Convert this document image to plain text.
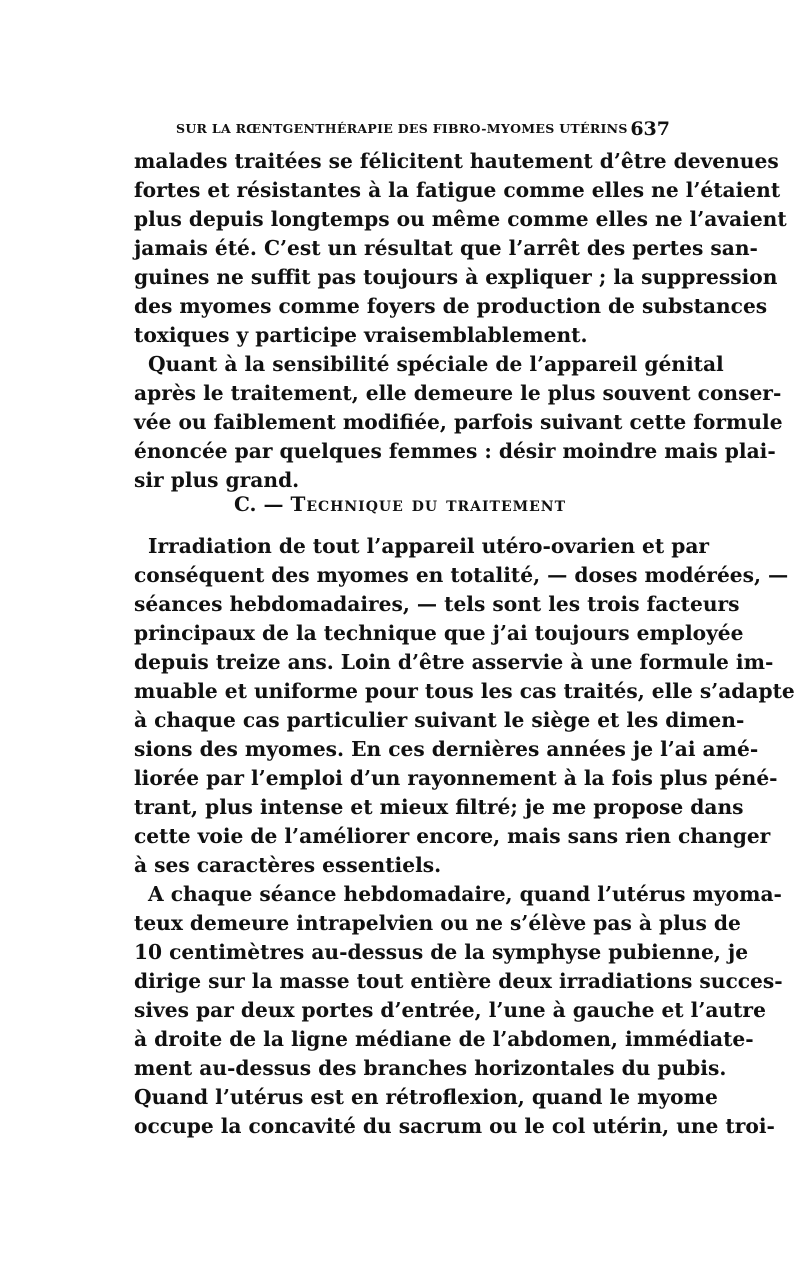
SUR LA RŒNTGENTHÉRAPIE DES FIBRO-MYOMES UTÉRINS 637
malades traitées se félicitent hautement d’être devenues
fortes et résistantes à la fatigue comme elles ne l’étaient
plus depuis longtemps ou même comme elles ne l’avaient
jamais été. C’est un résultat que l’arrêt des pertes san-
guines ne suffit pas toujours à expliquer ; la suppression
des myomes comme foyers de production de substances
toxiques y participe vraisemblablement.
Quant à la sensibilité spéciale de l’appareil génital
après le traitement, elle demeure le plus souvent conser-
vée ou faiblement modifiée, parfois suivant cette formule
énoncée par quelques femmes : désir moindre mais plai-
sir plus grand.
C. — Technique du traitement
Irradiation de tout l’appareil utéro-ovarien et par
conséquent des myomes en totalité, — doses modérées, —
séances hebdomadaires, — tels sont les trois facteurs
principaux de la technique que j’ai toujours employée
depuis treize ans. Loin d’être asservie à une formule im-
muable et uniforme pour tous les cas traités, elle s’adapte
à chaque cas particulier suivant le siège et les dimen-
sions des myomes. En ces dernières années je l’ai amé-
liorée par l’emploi d’un rayonnement à la fois plus péné-
trant, plus intense et mieux filtré; je me propose dans
cette voie de l’améliorer encore, mais sans rien changer
à ses caractères essentiels.
A chaque séance hebdomadaire, quand l’utérus myoma-
teux demeure intrapelvien ou ne s’élève pas à plus de
10 centimètres au-dessus de la symphyse pubienne, je
dirige sur la masse tout entière deux irradiations succes-
sives par deux portes d’entrée, l’une à gauche et l’autre
à droite de la ligne médiane de l’abdomen, immédiate-
ment au-dessus des branches horizontales du pubis.
Quand l’utérus est en rétroflexion, quand le myome
occupe la concavité du sacrum ou le col utérin, une troi-
